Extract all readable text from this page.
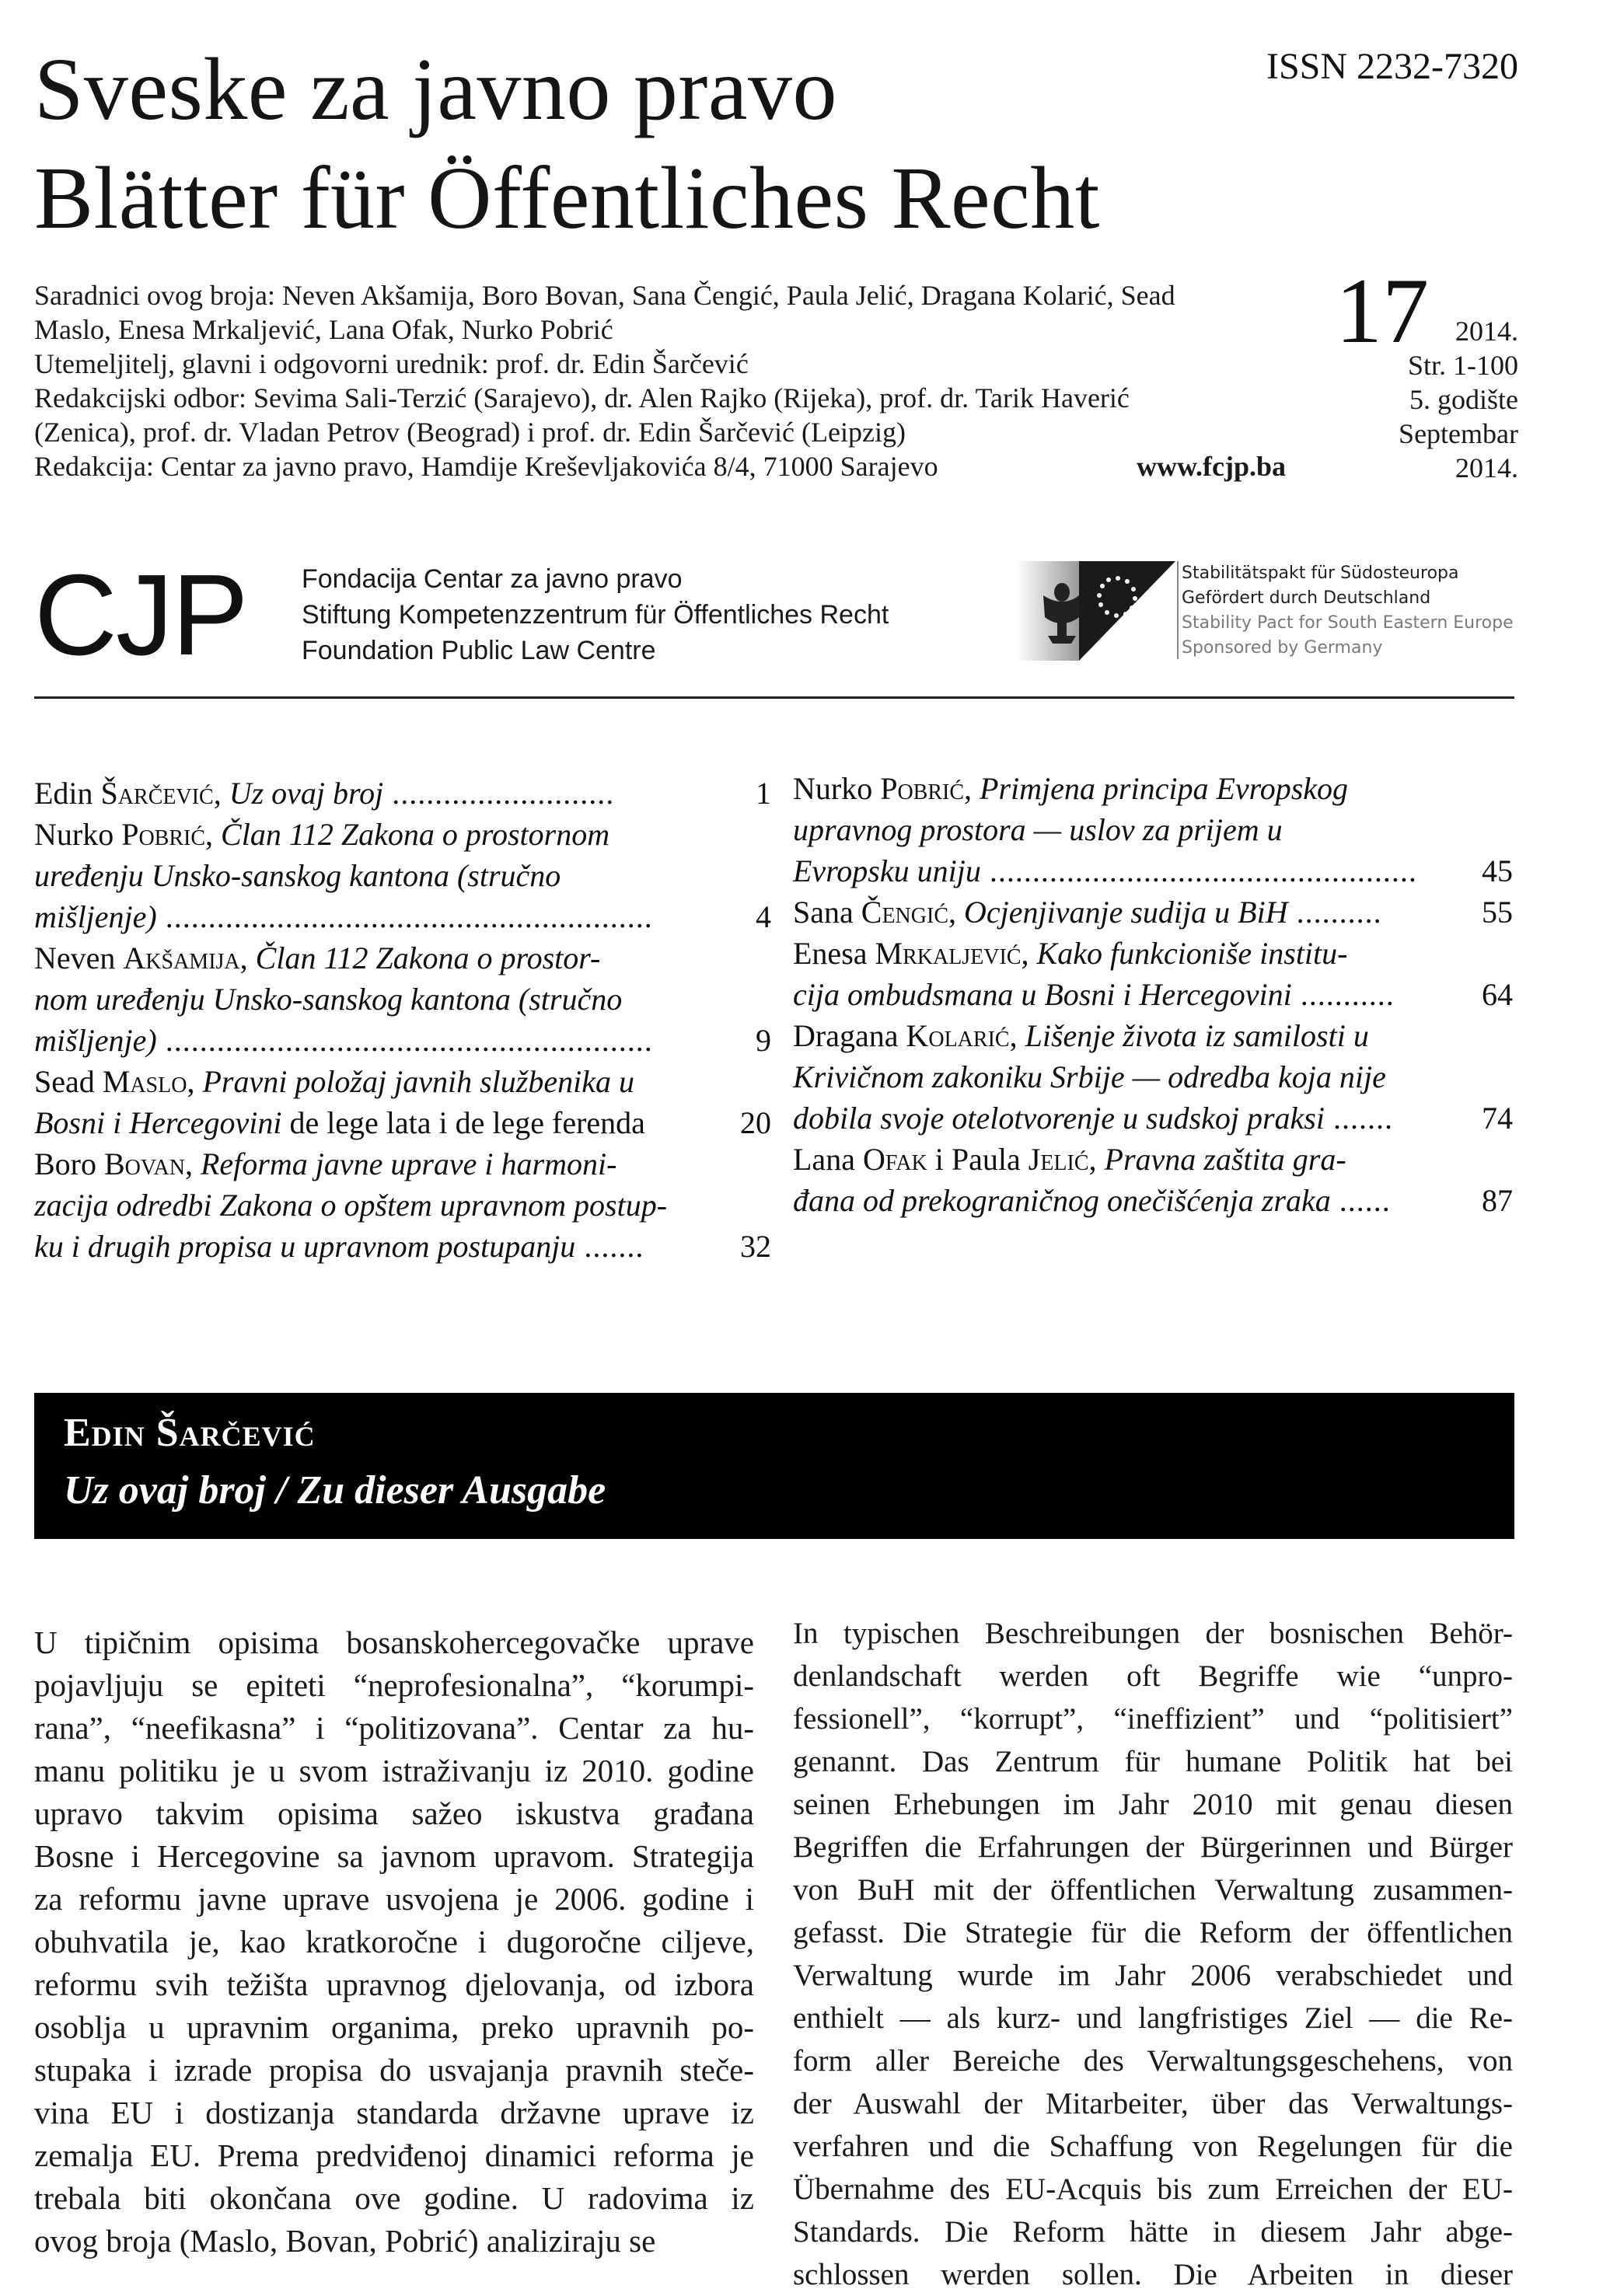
Sveske za javno pravo
Blätter für Öffentliches Recht
ISSN 2232-7320
Saradnici ovog broja: Neven Akšamija, Boro Bovan, Sana Čengić, Paula Jelić, Dragana Kolarić, Sead
Maslo, Enesa Mrkaljević, Lana Ofak, Nurko Pobrić
Utemeljitelj, glavni i odgovorni urednik: prof. dr. Edin Šarčević
Redakcijski odbor: Sevima Sali-Terzić (Sarajevo), dr. Alen Rajko (Rijeka), prof. dr. Tarik Haverić
(Zenica), prof. dr. Vladan Petrov (Beograd) i prof. dr. Edin Šarčević (Leipzig)
Redakcija: Centar za javno pravo, Hamdije Kreševljakovića 8/4, 71000 Sarajevo	www.fcjp.ba
17 2014.
Str. 1-100
5. godište
Septembar
2014.
CJP Fondacija Centar za javno pravo
Stiftung Kompetenzzentrum für Öffentliches Recht
Foundation Public Law Centre
Stabilitätspakt für Südosteuropa
Gefördert durch Deutschland
Stability Pact for South Eastern Europe
Sponsored by Germany
Edin Šarčević, Uz ovaj broj ..........................	1
Nurko Pobrić, Član 112 Zakona o prostornom
uređenju Unsko-sanskog kantona (stručno
mišljenje) .........................................................	4
Neven Akšamija, Član 112 Zakona o prostor-
nom uređenju Unsko-sanskog kantona (stručno
mišljenje) .........................................................	9
Sead Maslo, Pravni položaj javnih službenika u
Bosni i Hercegovini de lege lata i de lege ferenda	20
Boro Bovan, Reforma javne uprave i harmoni-
zacija odredbi Zakona o opštem upravnom postup-
ku i drugih propisa u upravnom postupanju .......	32
Nurko Pobrić, Primjena principa Evropskog
upravnog prostora — uslov za prijem u
Evropsku uniju .................................................. 45
Sana Čengić, Ocjenjivanje sudija u BiH ..........	55
Enesa Mrkaljević, Kako funkcioniše institu-
cija ombudsmana u Bosni i Hercegovini ...........	64
Dragana Kolarić, Lišenje života iz samilosti u
Krivičnom zakoniku Srbije — odredba koja nije
dobila svoje otelotvorenje u sudskoj praksi .......	74
Lana Ofak i Paula Jelić, Pravna zaštita gra-
đana od prekograničnog onečišćenja zraka ......	87
Edin Šarčević
Uz ovaj broj / Zu dieser Ausgabe
U tipičnim opisima bosanskohercegovačke uprave
pojavljuju se epiteti “neprofesionalna”, “korumpi-
rana”, “neefikasna” i “politizovana”. Centar za hu-
manu politiku je u svom istraživanju iz 2010. godine
upravo takvim opisima sažeo iskustva građana
Bosne i Hercegovine sa javnom upravom. Strategija
za reformu javne uprave usvojena je 2006. godine i
obuhvatila je, kao kratkoročne i dugoročne ciljeve,
reformu svih težišta upravnog djelovanja, od izbora
osoblja u upravnim organima, preko upravnih po-
stupaka i izrade propisa do usvajanja pravnih steče-
vina EU i dostizanja standarda državne uprave iz
zemalja EU. Prema predviđenoj dinamici reforma je
trebala biti okončana ove godine. U radovima iz
ovog broja (Maslo, Bovan, Pobrić) analiziraju se
In typischen Beschreibungen der bosnischen Behör-
denlandschaft werden oft Begriffe wie “unpro-
fessionell”, “korrupt”, “ineffizient” und “politisiert”
genannt. Das Zentrum für humane Politik hat bei
seinen Erhebungen im Jahr 2010 mit genau diesen
Begriffen die Erfahrungen der Bürgerinnen und Bürger
von BuH mit der öffentlichen Verwaltung zusammen-
gefasst. Die Strategie für die Reform der öffentlichen
Verwaltung wurde im Jahr 2006 verabschiedet und
enthielt — als kurz- und langfristiges Ziel — die Re-
form aller Bereiche des Verwaltungsgeschehens, von
der Auswahl der Mitarbeiter, über das Verwaltungs-
verfahren und die Schaffung von Regelungen für die
Übernahme des EU-Acquis bis zum Erreichen der EU-
Standards. Die Reform hätte in diesem Jahr abge-
schlossen werden sollen. Die Arbeiten in dieser
